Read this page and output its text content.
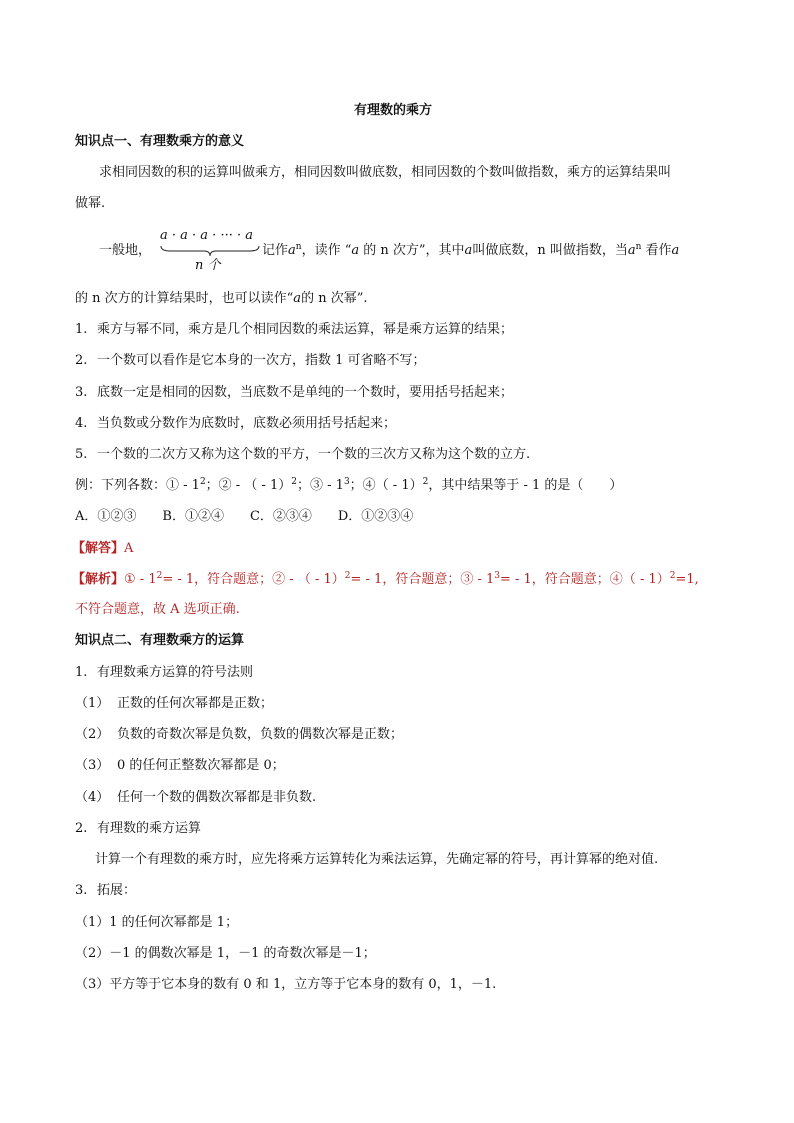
有理数的乘方
知识点一、有理数乘方的意义
求相同因数的积的运算叫做乘方，相同因数叫做底数，相同因数的个数叫做指数，乘方的运算结果叫
做幂.
一般地，
a · a · a · ··· · a
n 个
记作$a^n$，读作 “a 的 n 次方”，其中a叫做底数，n 叫做指数，当$a^n$ 看作a
的 n 次方的计算结果时，也可以读作“a的 n 次幂”.
1. 乘方与幂不同，乘方是几个相同因数的乘法运算，幂是乘方运算的结果；
2. 一个数可以看作是它本身的一次方，指数 1 可省略不写；
3. 底数一定是相同的因数，当底数不是单纯的一个数时，要用括号括起来；
4. 当负数或分数作为底数时，底数必须用括号括起来；
5. 一个数的二次方又称为这个数的平方，一个数的三次方又称为这个数的立方.
例：下列各数：① - $1^2$；② - （ - 1）$^2$；③ - $1^3$；④（ - 1）$^2$，其中结果等于 - 1 的是（　　）
A．①②③　　B．①②④　　C．②③④　　D．①②③④
【解答】A
【解析】① - $1^2= - 1$，符合题意；② - （ - 1）$^2$= - 1，符合题意；③ - $1^3= - 1$，符合题意；④（ - 1）$^2$=1,
不符合题意，故 A 选项正确.
知识点二、有理数乘方的运算
1. 有理数乘方运算的符号法则
（1） 正数的任何次幂都是正数；
（2） 负数的奇数次幂是负数，负数的偶数次幂是正数；
（3） 0 的任何正整数次幂都是 0；
（4） 任何一个数的偶数次幂都是非负数.
2. 有理数的乘方运算
计算一个有理数的乘方时，应先将乘方运算转化为乘法运算，先确定幂的符号，再计算幂的绝对值.
3. 拓展：
（1）1 的任何次幂都是 1；
（2）－1 的偶数次幂是 1，－1 的奇数次幂是－1；
（3）平方等于它本身的数有 0 和 1，立方等于它本身的数有 0，1，－1.
